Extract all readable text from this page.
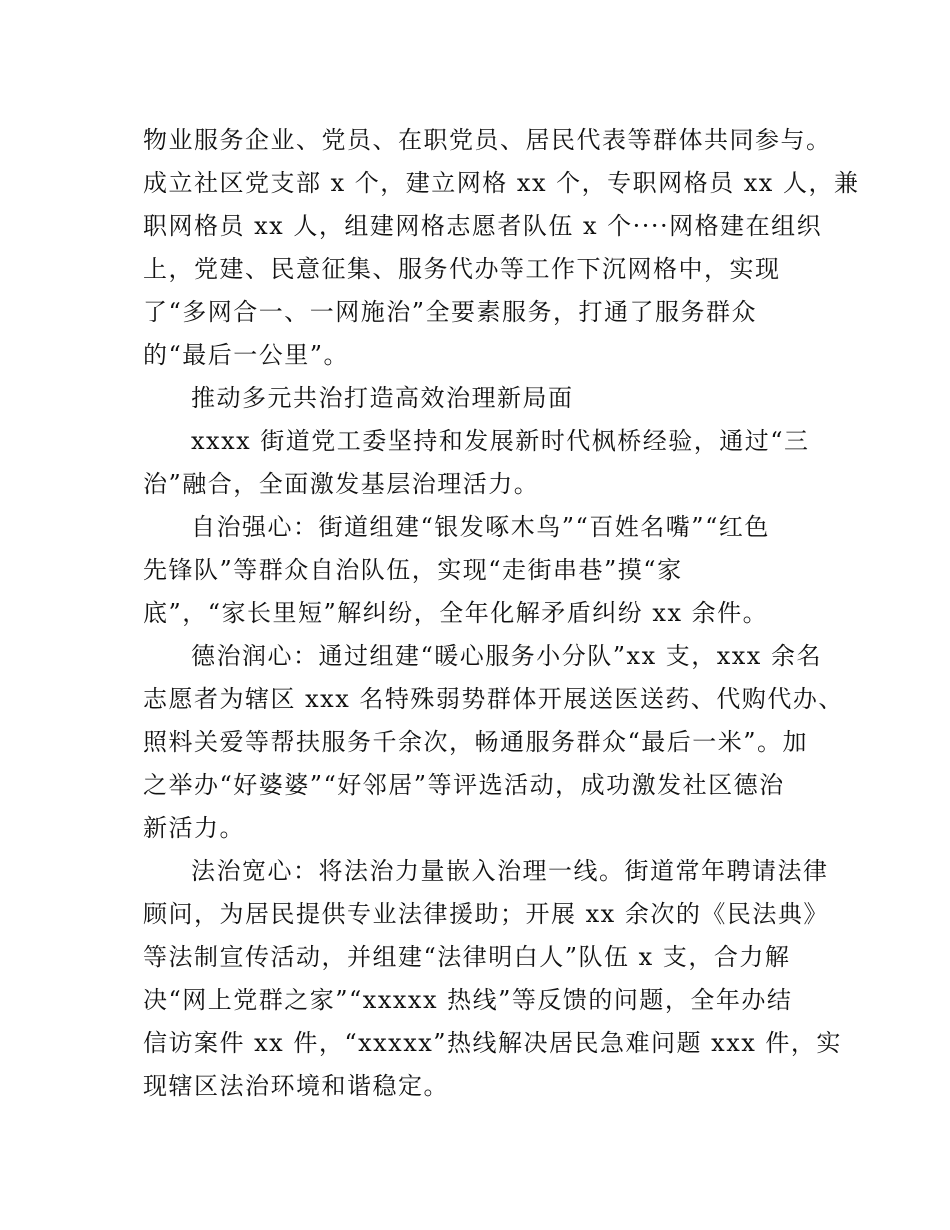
物业服务企业、党员、在职党员、居民代表等群体共同参与。
成立社区党支部 x 个，建立网格 xx 个，专职网格员 xx 人，兼
职网格员 xx 人，组建网格志愿者队伍 x 个····网格建在组织
上，党建、民意征集、服务代办等工作下沉网格中，实现
了“多网合一、一网施治”全要素服务，打通了服务群众
的“最后一公里”。
推动多元共治打造高效治理新局面
xxxx 街道党工委坚持和发展新时代枫桥经验，通过“三
治”融合，全面激发基层治理活力。
自治强心：街道组建“银发啄木鸟”“百姓名嘴”“红色
先锋队”等群众自治队伍，实现“走街串巷”摸“家
底”，“家长里短”解纠纷，全年化解矛盾纠纷 xx 余件。
德治润心：通过组建“暖心服务小分队”xx 支，xxx 余名
志愿者为辖区 xxx 名特殊弱势群体开展送医送药、代购代办、
照料关爱等帮扶服务千余次，畅通服务群众“最后一米”。加
之举办“好婆婆”“好邻居”等评选活动，成功激发社区德治
新活力。
法治宽心：将法治力量嵌入治理一线。街道常年聘请法律
顾问，为居民提供专业法律援助；开展 xx 余次的《民法典》
等法制宣传活动，并组建“法律明白人”队伍 x 支，合力解
决“网上党群之家”“xxxxx 热线”等反馈的问题，全年办结
信访案件 xx 件，“xxxxx”热线解决居民急难问题 xxx 件，实
现辖区法治环境和谐稳定。
